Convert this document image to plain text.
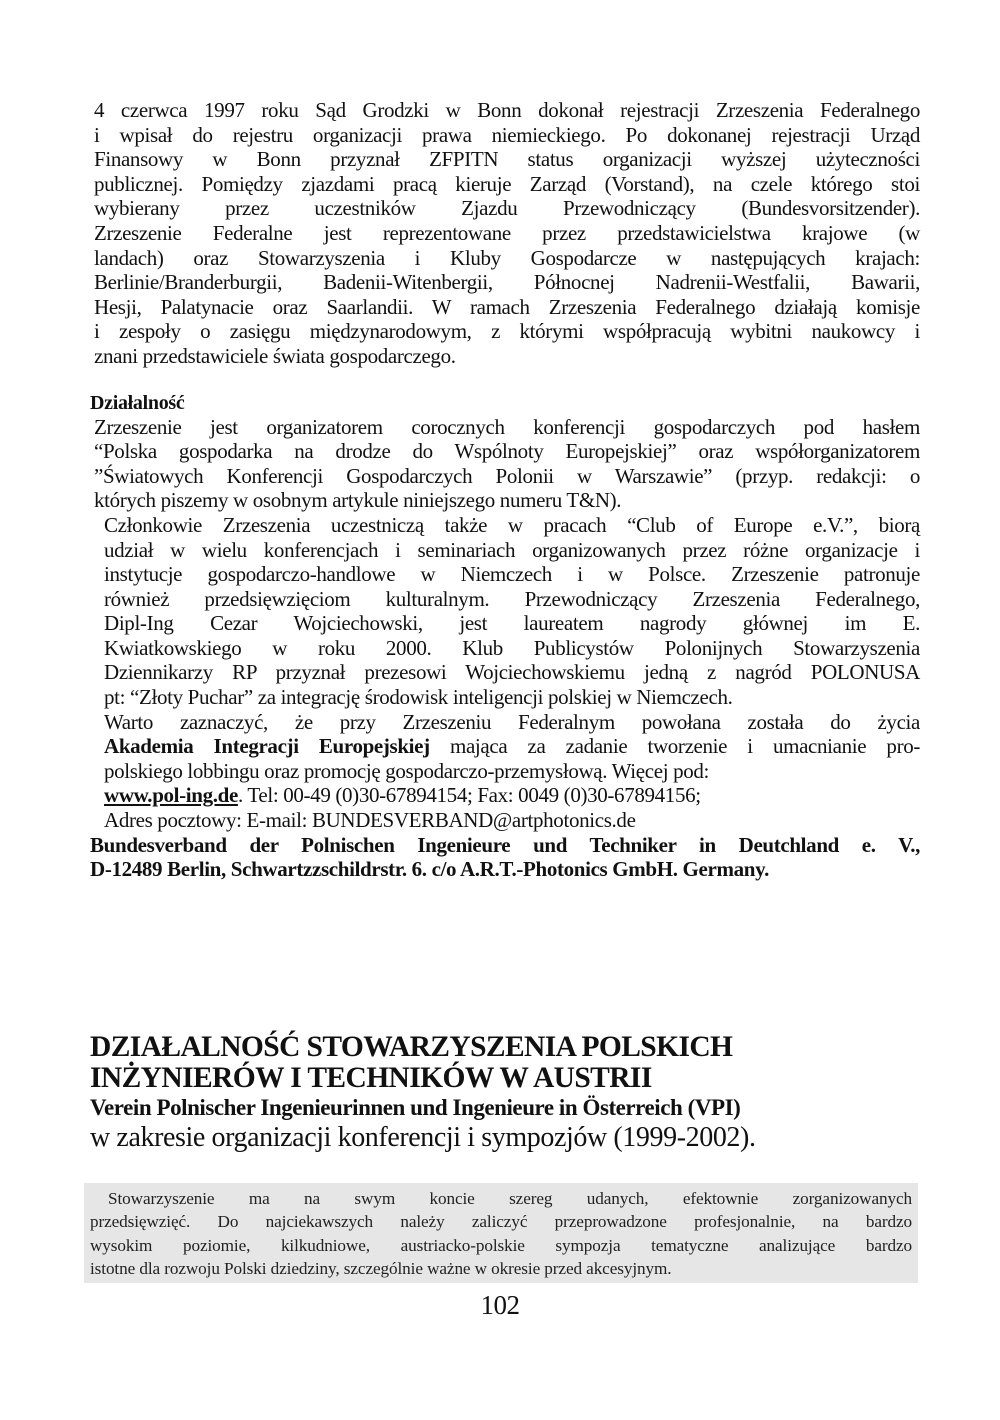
4 czerwca 1997 roku Sąd Grodzki w Bonn dokonał rejestracji Zrzeszenia Federalnego
i wpisał do rejestru organizacji prawa niemieckiego. Po dokonanej rejestracji Urząd
Finansowy w Bonn przyznał ZFPITN status organizacji wyższej użyteczności
publicznej. Pomiędzy zjazdami pracą kieruje Zarząd (Vorstand), na czele którego stoi
wybierany przez uczestników Zjazdu Przewodniczący (Bundesvorsitzender).
Zrzeszenie Federalne jest reprezentowane przez przedstawicielstwa krajowe (w
landach) oraz Stowarzyszenia i Kluby Gospodarcze w następujących krajach:
Berlinie/Branderburgii, Badenii-Witenbergii, Północnej Nadrenii-Westfalii, Bawarii,
Hesji, Palatynacie oraz Saarlandii. W ramach Zrzeszenia Federalnego działają komisje
i zespoły o zasięgu międzynarodowym, z którymi współpracują wybitni naukowcy i
znani przedstawiciele świata gospodarczego.
Działalność
Zrzeszenie jest organizatorem corocznych konferencji gospodarczych pod hasłem
“Polska gospodarka na drodze do Wspólnoty Europejskiej” oraz współorganizatorem
”Światowych Konferencji Gospodarczych Polonii w Warszawie” (przyp. redakcji: o
których piszemy w osobnym artykule niniejszego numeru T&N).
Członkowie Zrzeszenia uczestniczą także w pracach “Club of Europe e.V.”, biorą
udział w wielu konferencjach i seminariach organizowanych przez różne organizacje i
instytucje gospodarczo-handlowe w Niemczech i w Polsce. Zrzeszenie patronuje
również przedsięwzięciom kulturalnym. Przewodniczący Zrzeszenia Federalnego,
Dipl-Ing Cezar Wojciechowski, jest laureatem nagrody głównej im E.
Kwiatkowskiego w roku 2000. Klub Publicystów Polonijnych Stowarzyszenia
Dziennikarzy RP przyznał prezesowi Wojciechowskiemu jedną z nagród POLONUSA
pt: “Złoty Puchar” za integrację środowisk inteligencji polskiej w Niemczech.
Warto zaznaczyć, że przy Zrzeszeniu Federalnym powołana została do życia
Akademia Integracji Europejskiej mająca za zadanie tworzenie i umacnianie pro-
polskiego lobbingu oraz promocję gospodarczo-przemysłową. Więcej pod:
www.pol-ing.de. Tel: 00-49 (0)30-67894154; Fax: 0049 (0)30-67894156;
Adres pocztowy: E-mail: BUNDESVERBAND@artphotonics.de
Bundesverband der Polnischen Ingenieure und Techniker in Deutchland e. V.,
D-12489 Berlin, Schwartzzschildrstr. 6. c/o A.R.T.-Photonics GmbH. Germany.
DZIAŁALNOŚĆ STOWARZYSZENIA POLSKICH
INŻYNIERÓW I TECHNIKÓW W AUSTRII
Verein Polnischer Ingenieurinnen und Ingenieure in Österreich (VPI)

w zakresie organizacji konferencji i sympozjów (1999-2002).

Stowarzyszenie ma na swym koncie szereg udanych, efektownie zorganizowanych
przedsięwzięć. Do najciekawszych należy zaliczyć przeprowadzone profesjonalnie, na bardzo
wysokim poziomie, kilkudniowe, austriacko-polskie sympozja tematyczne analizujące bardzo
istotne dla rozwoju Polski dziedziny, szczególnie ważne w okresie przed akcesyjnym.
102
